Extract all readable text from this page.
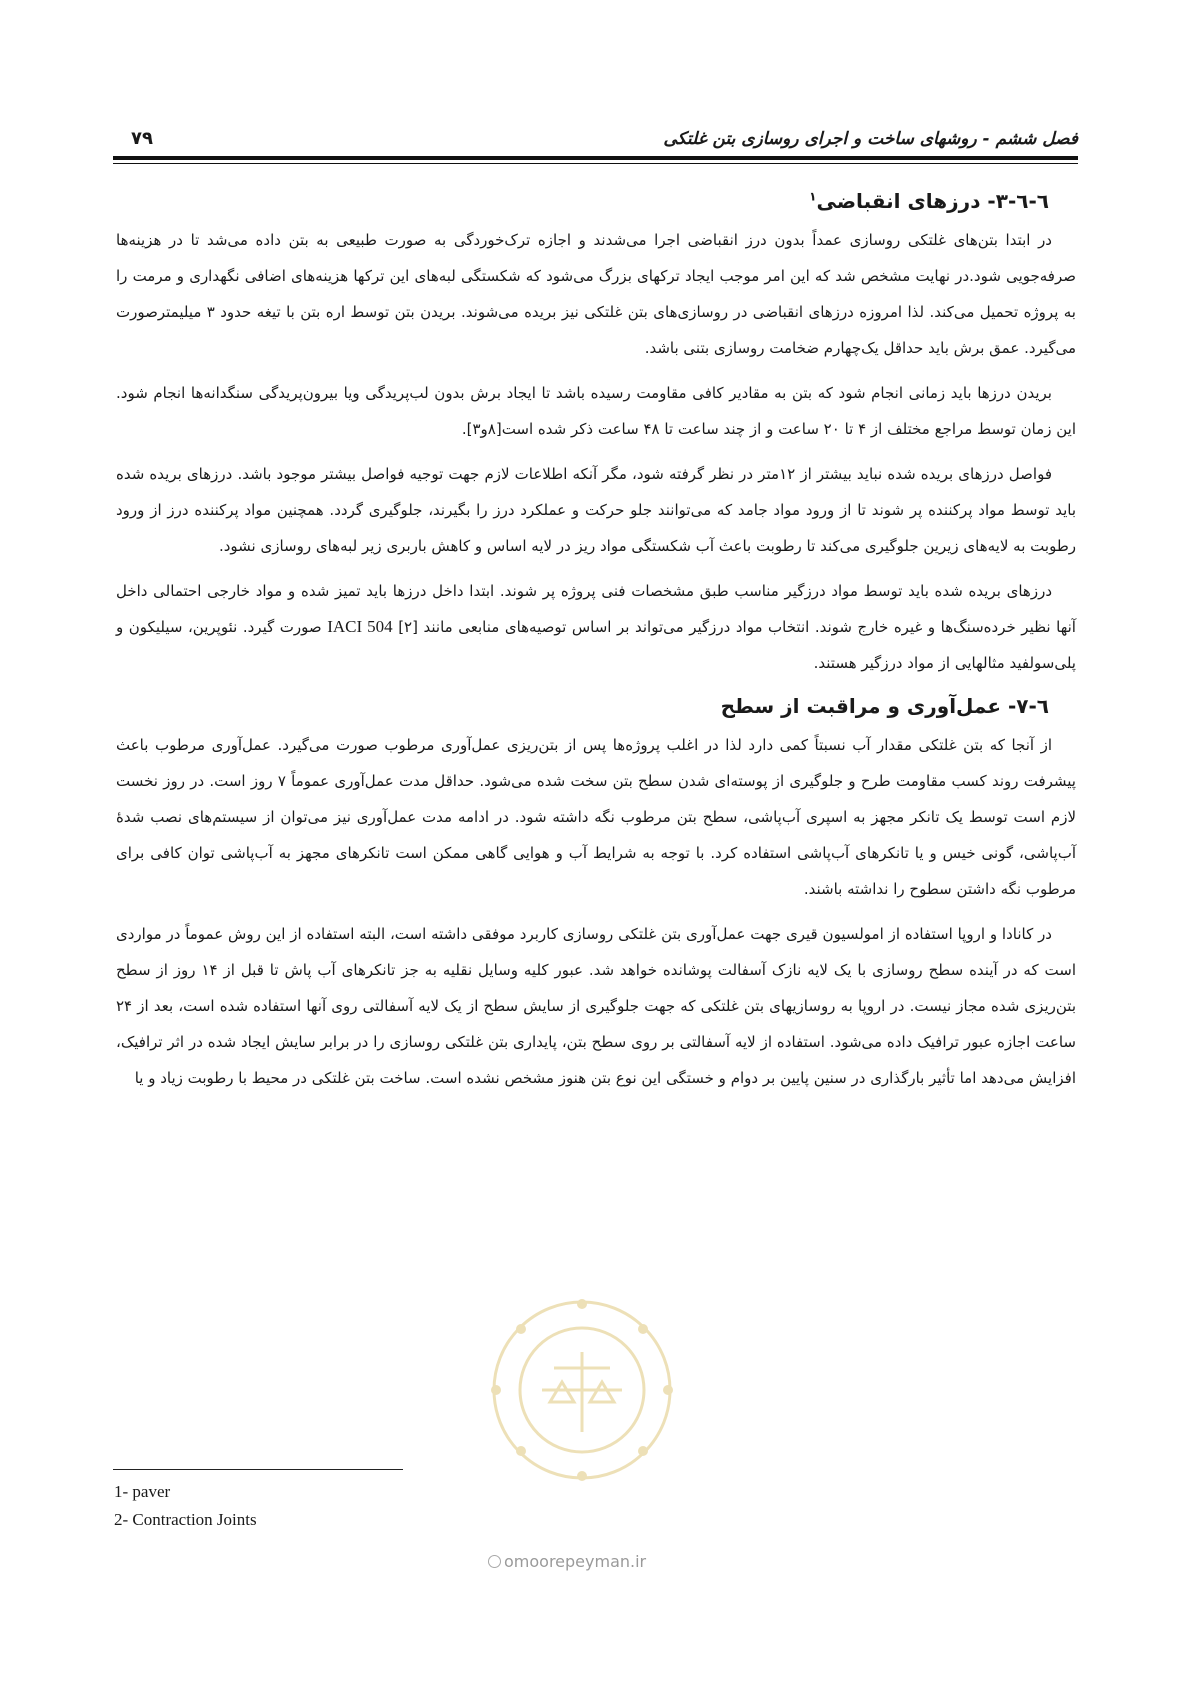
فصل ششم - روشهای ساخت و اجرای روسازی بتن غلتکی
۷۹
٦-٦-٣- درزهای انقباضی$^۱$

در ابتدا بتن‌های غلتکی روسازی عمداً بدون درز انقباضی اجرا می‌شدند و اجازه ترک‌خوردگی به صورت طبیعی به بتن داده می‌شد تا در هزینه‌ها صرفه‌جویی شود.در نهایت مشخص شد که این امر موجب ایجاد ترکهای بزرگ می‌شود که شکستگی لبه‌های این ترکها هزینه‌های اضافی نگهداری و مرمت را به پروژه تحمیل می‌کند. لذا امروزه درزهای انقباضی در روسازی‌های بتن غلتکی نیز بریده می‌شوند. بریدن بتن توسط اره بتن با تیغه حدود ۳ میلیمترصورت می‌گیرد. عمق برش باید حداقل یک‌چهارم ضخامت روسازی بتنی باشد.

بریدن درزها باید زمانی انجام شود که بتن به مقادیر کافی مقاومت رسیده باشد تا ایجاد برش بدون لب‌پریدگی ویا بیرون‌پریدگی سنگدانه‌ها انجام شود. این زمان توسط مراجع مختلف از ۴ تا ۲۰ ساعت و از چند ساعت تا ۴۸ ساعت ذکر شده است[۸و۳].

فواصل درزهای بریده شده نباید بیشتر از ۱۲متر در نظر گرفته شود، مگر آنکه اطلاعات لازم جهت توجیه فواصل بیشتر موجود باشد. درزهای بریده شده باید توسط مواد پرکننده پر شوند تا از ورود مواد جامد که می‌توانند جلو حرکت و عملکرد درز را بگیرند، جلوگیری گردد. همچنین مواد پرکننده درز از ورود رطوبت به لایه‌های زیرین جلوگیری می‌کند تا رطوبت باعث آب شکستگی مواد ریز در لایه اساس و کاهش باربری زیر لبه‌های روسازی نشود.

درزهای بریده شده باید توسط مواد درزگیر مناسب طبق مشخصات فنی پروژه پر شوند. ابتدا داخل درزها باید تمیز شده و مواد خارجی احتمالی داخل آنها نظیر خرده‌سنگ‌ها و غیره خارج شوند. انتخاب مواد درزگیر می‌تواند بر اساس توصیه‌های منابعی مانند IACI 504 [۲] صورت گیرد. نئوپرین، سیلیکون و پلی‌سولفید مثالهایی از مواد درزگیر هستند.

٦-٧- عمل‌آوری و مراقبت از سطح

از آنجا که بتن غلتکی مقدار آب نسبتاً کمی دارد لذا در اغلب پروژه‌ها پس از بتن‌ریزی عمل‌آوری مرطوب صورت می‌گیرد. عمل‌آوری مرطوب باعث پیشرفت روند کسب مقاومت طرح و جلوگیری از پوسته‌ای شدن سطح بتن سخت شده می‌شود. حداقل مدت عمل‌آوری عموماً ۷ روز است. در روز نخست لازم است توسط یک تانکر مجهز به اسپری آب‌پاشی، سطح بتن مرطوب نگه داشته شود. در ادامه مدت عمل‌آوری نیز می‌توان از سیستم‌های نصب شدهٔ آب‌پاشی، گونی خیس و یا تانکرهای آب‌پاشی استفاده کرد. با توجه به شرایط آب و هوایی گاهی ممکن است تانکرهای مجهز به آب‌پاشی توان کافی برای مرطوب نگه داشتن سطوح را نداشته باشند.

در کانادا و اروپا استفاده از امولسیون قیری جهت عمل‌آوری بتن غلتکی روسازی کاربرد موفقی داشته است، البته استفاده از این روش عموماً در مواردی است که در آینده سطح روسازی با یک لایه نازک آسفالت پوشانده خواهد شد. عبور کلیه وسایل نقلیه به جز تانکرهای آب پاش تا قبل از ۱۴ روز از سطح بتن‌ریزی شده مجاز نیست. در اروپا به روسازیهای بتن غلتکی که جهت جلوگیری از سایش سطح از یک لایه آسفالتی روی آنها استفاده شده است، بعد از ۲۴ ساعت اجازه عبور ترافیک داده می‌شود. استفاده از لایه آسفالتی بر روی سطح بتن، پایداری بتن غلتکی روسازی را در برابر سایش ایجاد شده در اثر ترافیک، افزایش می‌دهد اما تأثیر بارگذاری در سنین پایین بر دوام و خستگی این نوع بتن هنوز مشخص نشده است. ساخت بتن غلتکی در محیط با رطوبت زیاد و یا

1- paver
2- Contraction Joints
omoorepeyman.ir
